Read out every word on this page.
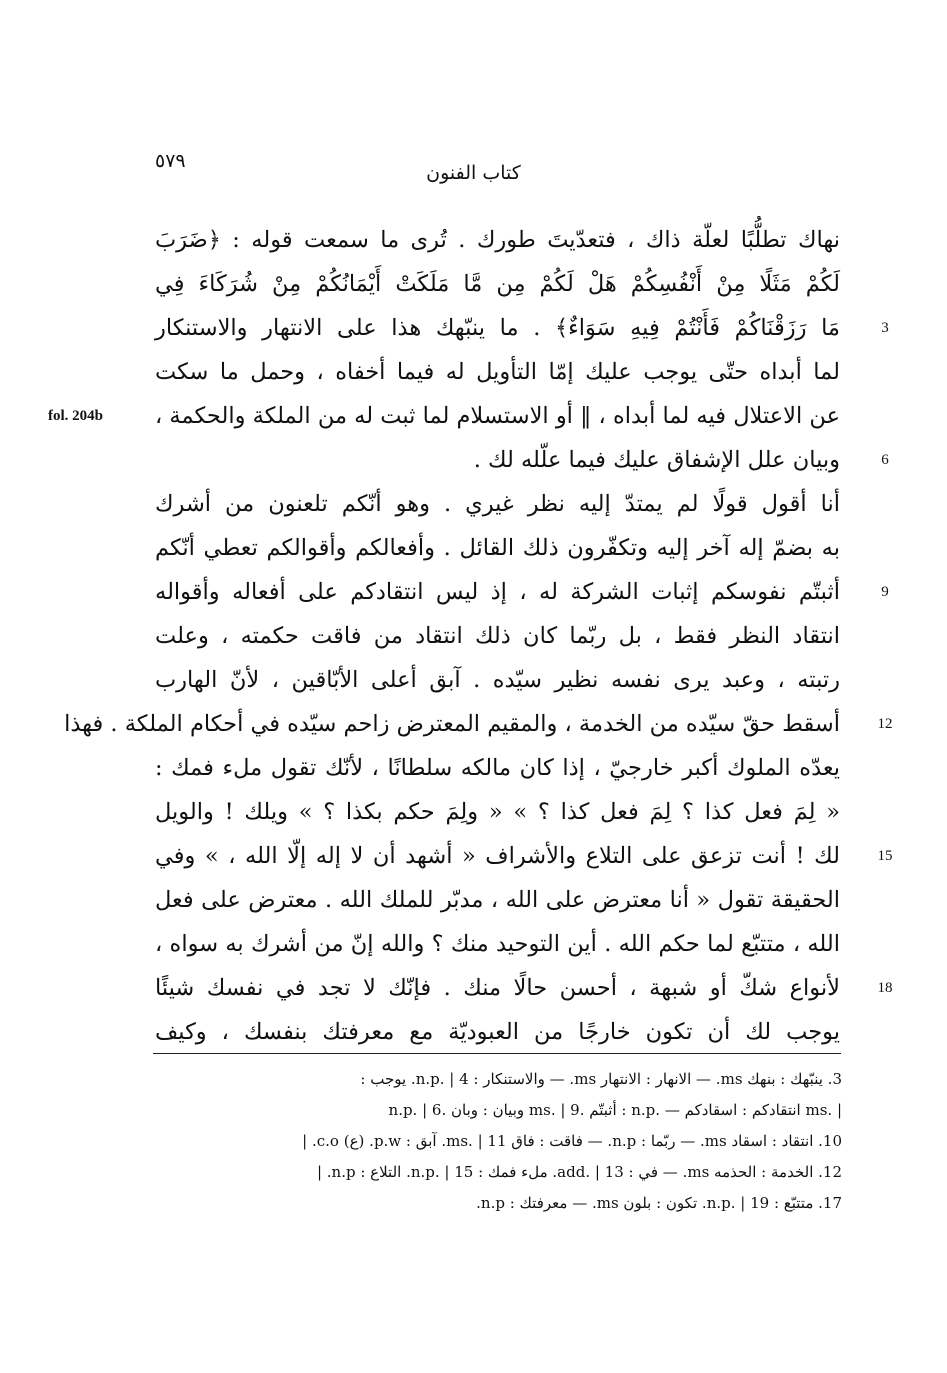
٥٧٩
كتاب الفنون
نهاك تطلُّبًا لعلّة ذاك ، فتعدّيتَ طورك . تُرى ما سمعت قوله : ﴿ضَرَبَ
لَكُمْ مَثَلًا مِنْ أَنْفُسِكُمْ هَلْ لَكُمْ مِن مَّا مَلَكَتْ أَيْمَانُكُمْ مِنْ شُرَكَاءَ فِي
مَا رَزَقْنَاكُمْ فَأَنْتُمْ فِيهِ سَوَاءٌ﴾ . ما ينبّهك هذا على الانتهار والاستنكار
لما أبداه حتّى يوجب عليك إمّا التأويل له فيما أخفاه ، وحمل ما سكت
عن الاعتلال فيه لما أبداه ، ‖ أو الاستسلام لما ثبت له من الملكة والحكمة ،
وبيان علل الإشفاق عليك فيما علّله لك .
أنا أقول قولًا لم يمتدّ إليه نظر غيري . وهو أنّكم تلعنون من أشرك
به بضمّ إله آخر إليه وتكفّرون ذلك القائل . وأفعالكم وأقوالكم تعطي أنّكم
أثبتّم نفوسكم إثبات الشركة له ، إذ ليس انتقادكم على أفعاله وأقواله
انتقاد النظر فقط ، بل ربّما كان ذلك انتقاد من فاقت حكمته ، وعلت
رتبته ، وعبد يرى نفسه نظير سيّده . آبق أعلى الأبّاقين ، لأنّ الهارب
أسقط حقّ سيّده من الخدمة ، والمقيم المعترض زاحم سيّده في أحكام الملكة . فهذا
يعدّه الملوك أكبر خارجيّ ، إذا كان مالكه سلطانًا ، لأنّك تقول ملء فمك :
« لِمَ فعل كذا ؟ لِمَ فعل كذا ؟ » « ولِمَ حكم بكذا ؟ » ويلك ! والويل
لك ! أنت تزعق على التلاع والأشراف « أشهد أن لا إله إلّا الله ، » وفي
الحقيقة تقول « أنا معترض على الله ، مدبّر للملك الله . معترض على فعل
الله ، متتبّع لما حكم الله . أين التوحيد منك ؟ والله إنّ من أشرك به سواه ،
لأنواع شكّ أو شبهة ، أحسن حالًا منك . فإنّك لا تجد في نفسك شيئًا
يوجب لك أن تكون خارجًا من العبوديّة مع معرفتك بنفسك ، وكيف
3. ينبّهك : بنهك ms. — الانهار : الانتهار ms. — والاستنكار : n.p. | 4. يوجب :
n.p. | 6. وبيان : وبان ms. | 9. أثبتّم : n.p. — انتقادكم : اسقادكم ms. |
10. انتقاد : اسقاد ms. — ربّما : n.p. — فاقت : فاق ms. | 11. آبق : p.w. (ع) c.o. |
12. الخدمة : الحذمه ms. — في : add. | 13. ملء فمك : n.p. | 15. التلاع : n.p. |
17. متتبّع : n.p. | 19. تكون : بلون ms. — معرفتك : n.p.
3
6
9
12
15
18
fol. 204b
